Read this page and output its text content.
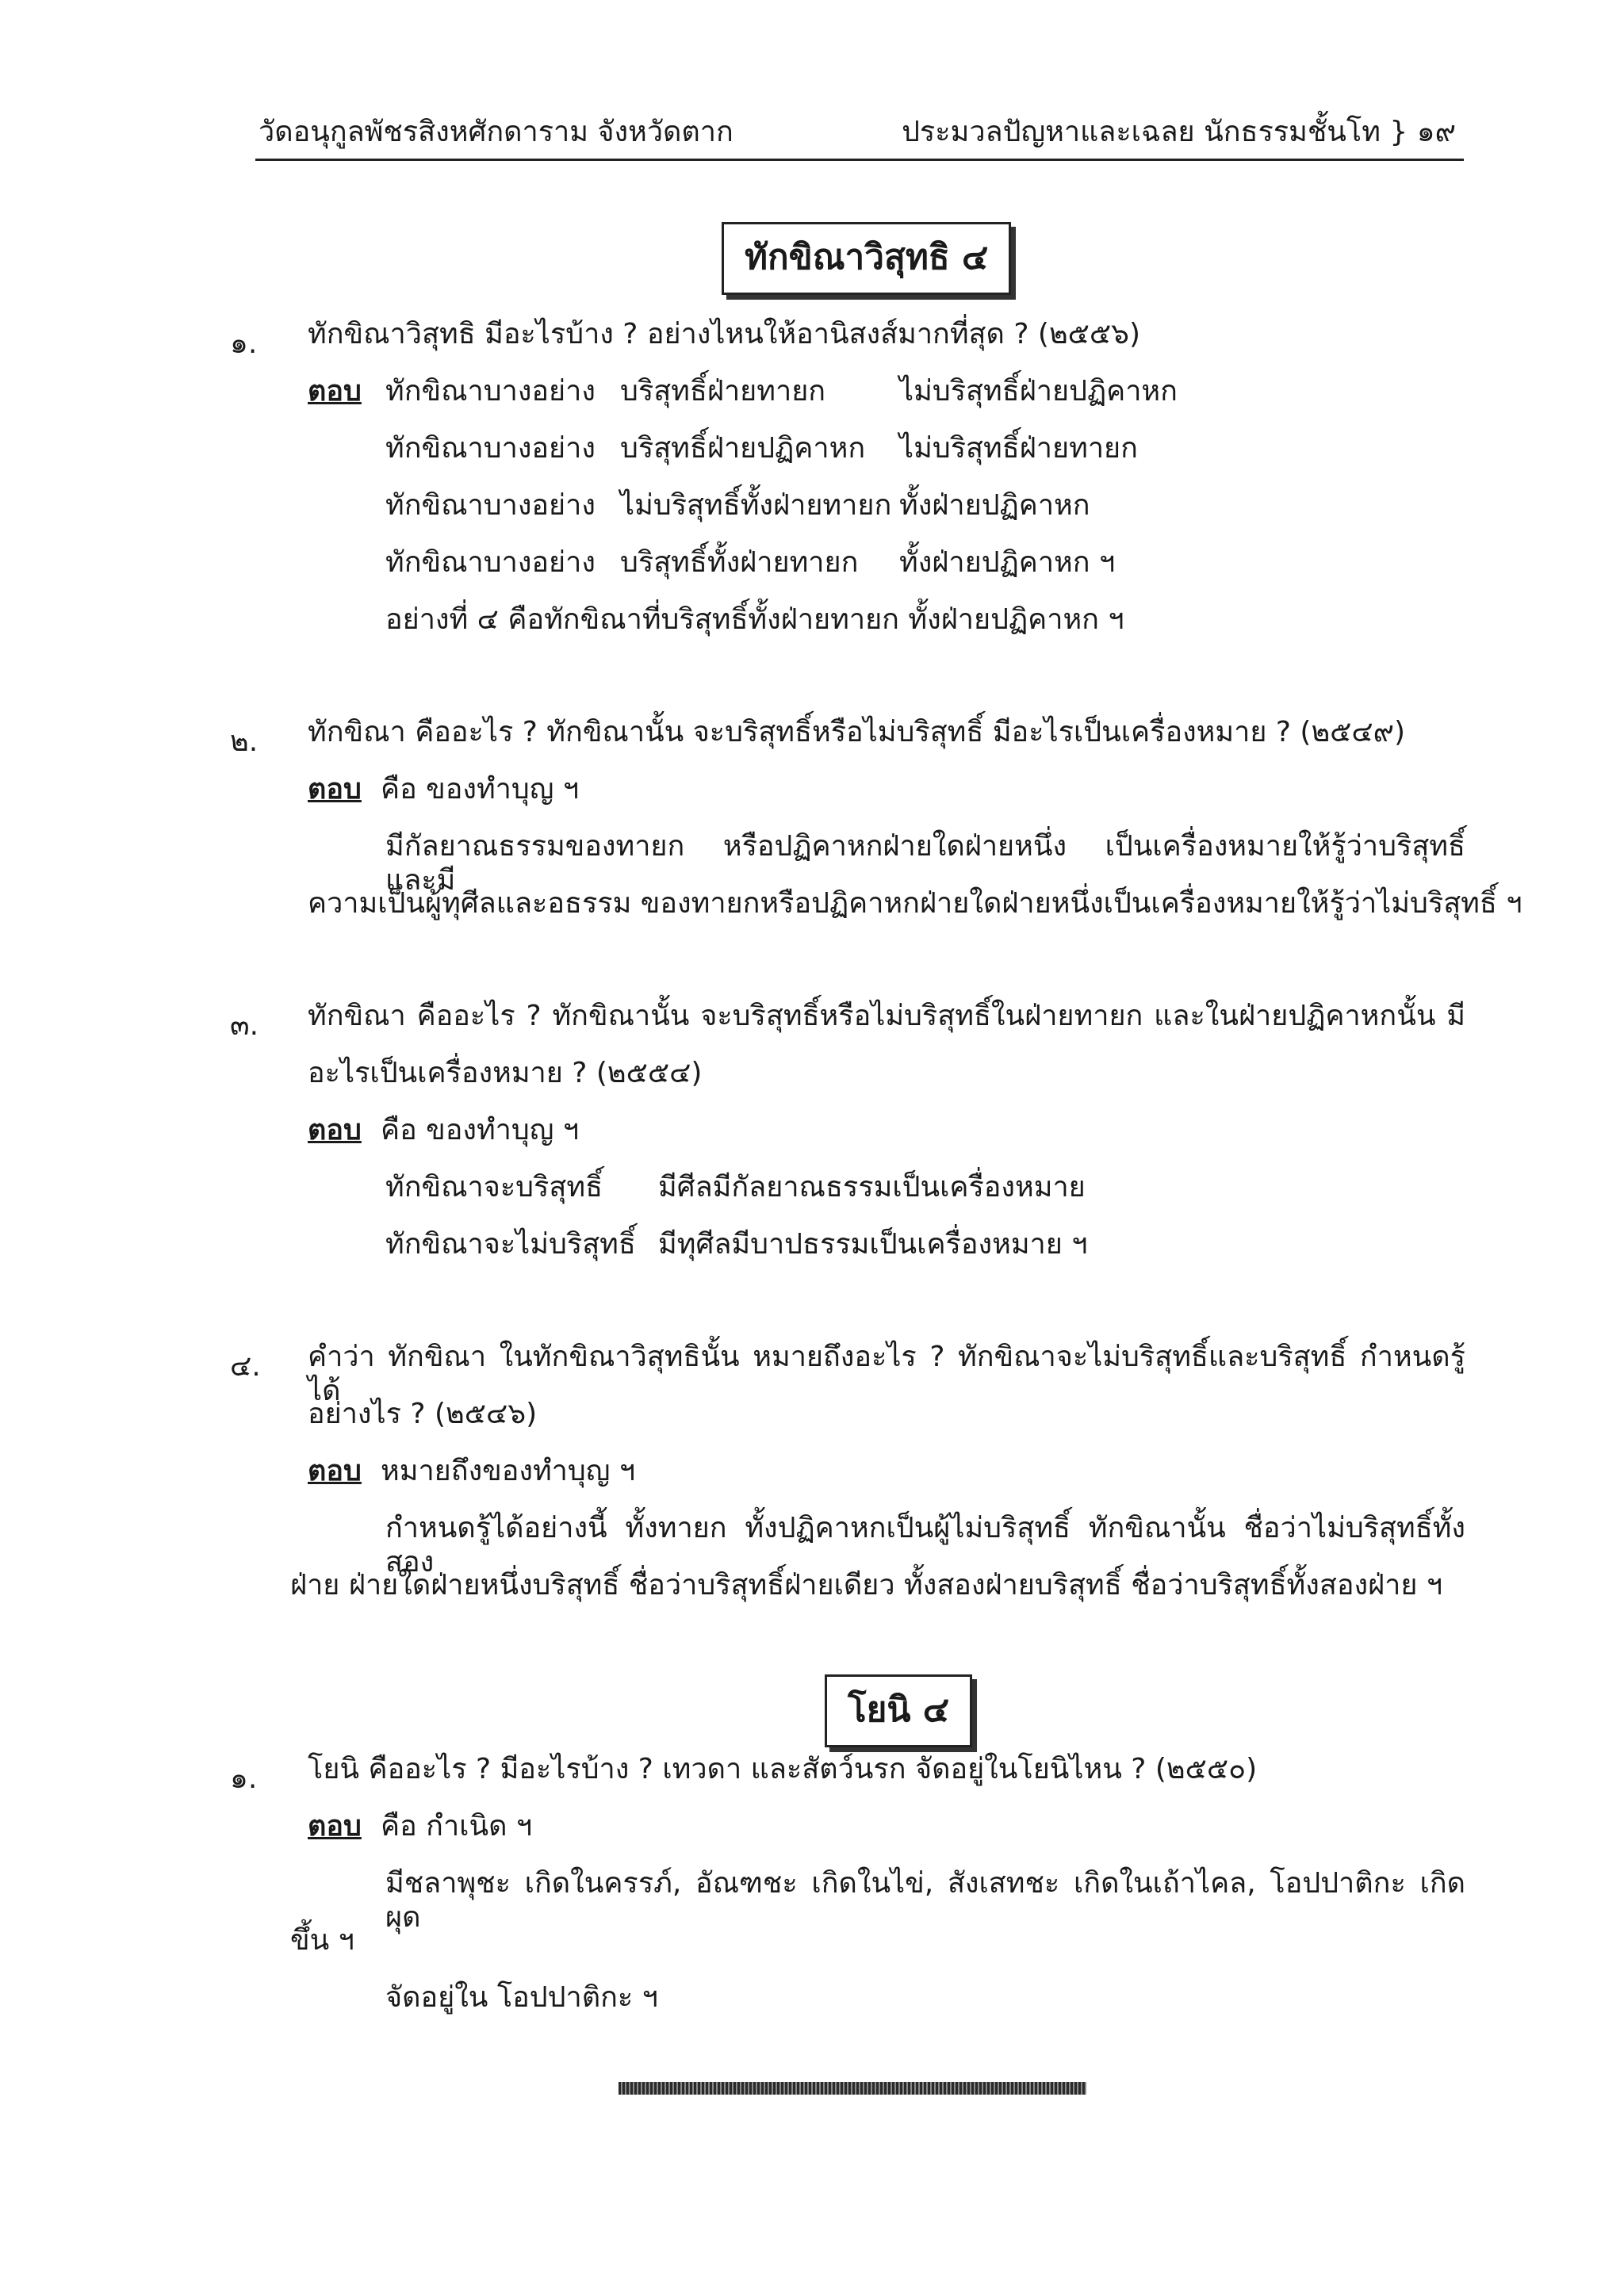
วัดอนุกูลพัชรสิงหศักดาราม จังหวัดตาก	ประมวลปัญหาและเฉลย นักธรรมชั้นโท } ๑๙
ทักขิณาวิสุทธิ ๔
๑. ทักขิณาวิสุทธิ มีอะไรบ้าง ? อย่างไหนให้อานิสงส์มากที่สุด ? (๒๕๕๖)
ตอบ ทักขิณาบางอย่าง บริสุทธิ์ฝ่ายทายก	ไม่บริสุทธิ์ฝ่ายปฏิคาหก
ทักขิณาบางอย่าง บริสุทธิ์ฝ่ายปฏิคาหก ไม่บริสุทธิ์ฝ่ายทายก
ทักขิณาบางอย่าง ไม่บริสุทธิ์ทั้งฝ่ายทายก ทั้งฝ่ายปฏิคาหก
ทักขิณาบางอย่าง บริสุทธิ์ทั้งฝ่ายทายก ทั้งฝ่ายปฏิคาหก ฯ
อย่างที่ ๔ คือทักขิณาที่บริสุทธิ์ทั้งฝ่ายทายก ทั้งฝ่ายปฏิคาหก ฯ
๒. ทักขิณา คืออะไร ? ทักขิณานั้น จะบริสุทธิ์หรือไม่บริสุทธิ์ มีอะไรเป็นเครื่องหมาย ? (๒๕๔๙)
ตอบ คือ ของทำบุญ ฯ
มีกัลยาณธรรมของทายก หรือปฏิคาหกฝ่ายใดฝ่ายหนึ่ง เป็นเครื่องหมายให้รู้ว่าบริสุทธิ์ และมี
ความเป็นผู้ทุศีลและอธรรม ของทายกหรือปฏิคาหกฝ่ายใดฝ่ายหนึ่งเป็นเครื่องหมายให้รู้ว่าไม่บริสุทธิ์ ฯ
๓. ทักขิณา คืออะไร ? ทักขิณานั้น จะบริสุทธิ์หรือไม่บริสุทธิ์ในฝ่ายทายก และในฝ่ายปฏิคาหกนั้น มี
อะไรเป็นเครื่องหมาย ? (๒๕๕๔)
ตอบ คือ ของทำบุญ ฯ
ทักขิณาจะบริสุทธิ์ มีศีลมีกัลยาณธรรมเป็นเครื่องหมาย
ทักขิณาจะไม่บริสุทธิ์ มีทุศีลมีบาปธรรมเป็นเครื่องหมาย ฯ
๔. คำว่า ทักขิณา ในทักขิณาวิสุทธินั้น หมายถึงอะไร ? ทักขิณาจะไม่บริสุทธิ์และบริสุทธิ์ กำหนดรู้ได้
อย่างไร ? (๒๕๔๖)
ตอบ หมายถึงของทำบุญ ฯ
กำหนดรู้ได้อย่างนี้ ทั้งทายก ทั้งปฏิคาหกเป็นผู้ไม่บริสุทธิ์ ทักขิณานั้น ชื่อว่าไม่บริสุทธิ์ทั้งสอง
ฝ่าย ฝ่ายใดฝ่ายหนึ่งบริสุทธิ์ ชื่อว่าบริสุทธิ์ฝ่ายเดียว ทั้งสองฝ่ายบริสุทธิ์ ชื่อว่าบริสุทธิ์ทั้งสองฝ่าย ฯ
โยนิ ๔
๑. โยนิ คืออะไร ? มีอะไรบ้าง ? เทวดา และสัตว์นรก จัดอยู่ในโยนิไหน ? (๒๕๕๐)
ตอบ คือ กำเนิด ฯ
มีชลาพุชะ เกิดในครรภ์, อัณฑชะ เกิดในไข่, สังเสทชะ เกิดในเถ้าไคล, โอปปาติกะ เกิดผุด
ขึ้น ฯ
จัดอยู่ใน โอปปาติกะ ฯ
